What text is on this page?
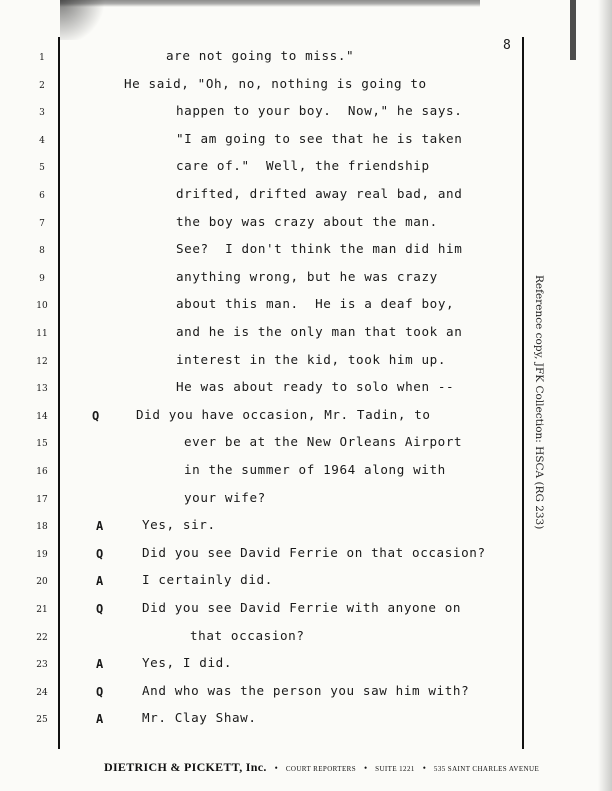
8
1	are not going to miss."
2	He said, "Oh, no, nothing is going to
3	happen to your boy.  Now," he says.
4	"I am going to see that he is taken
5	care of."  Well, the friendship
6	drifted, drifted away real bad, and
7	the boy was crazy about the man.
8	See?  I don't think the man did him
9	anything wrong, but he was crazy
10	about this man.  He is a deaf boy,
11	and he is the only man that took an
12	interest in the kid, took him up.
13	He was about ready to solo when --
14	Q	Did you have occasion, Mr. Tadin, to
15	ever be at the New Orleans Airport
16	in the summer of 1964 along with
17	your wife?
18	A	Yes, sir.
19	Q	Did you see David Ferrie on that occasion?
20	A	I certainly did.
21	Q	Did you see David Ferrie with anyone on
22	that occasion?
23	A	Yes, I did.
24	Q	And who was the person you saw him with?
25	A	Mr. Clay Shaw.
Reference copy, JFK Collection: HSCA (RG 233)
DIETRICH & PICKETT, Inc. • COURT REPORTERS • SUITE 1221 • 535 SAINT CHARLES AVENUE
